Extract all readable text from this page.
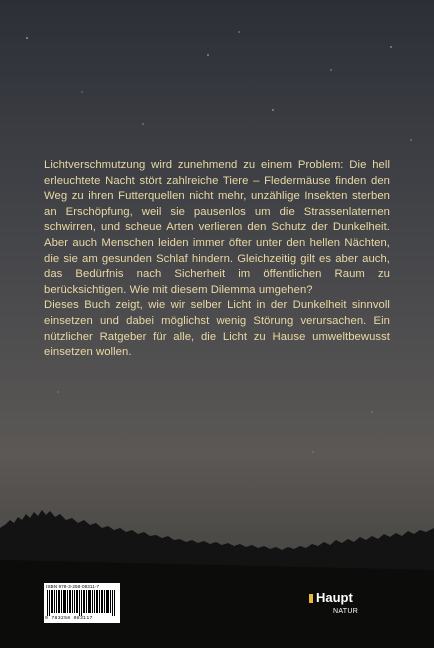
Lichtverschmutzung wird zunehmend zu einem Problem: Die hell erleuchtete Nacht stört zahlreiche Tiere – Fledermäuse finden den Weg zu ihren Futterquellen nicht mehr, unzählige Insekten sterben an Erschöpfung, weil sie pausenlos um die Strassenlaternen schwirren, und scheue Arten verlieren den Schutz der Dunkelheit. Aber auch Menschen leiden immer öfter unter den hellen Nächten, die sie am gesunden Schlaf hindern. Gleichzeitig gilt es aber auch, das Bedürfnis nach Sicherheit im öffentlichen Raum zu berücksichtigen. Wie mit diesem Dilemma umgehen?

Dieses Buch zeigt, wie wir selber Licht in der Dunkelheit sinnvoll einsetzen und dabei möglichst wenig Störung verursachen. Ein nützlicher Ratgeber für alle, die Licht zu Hause umweltbewusst einsetzen wollen.

ISBN 978-3-258-08311-7
9 783258 083117
Haupt
NATUR
